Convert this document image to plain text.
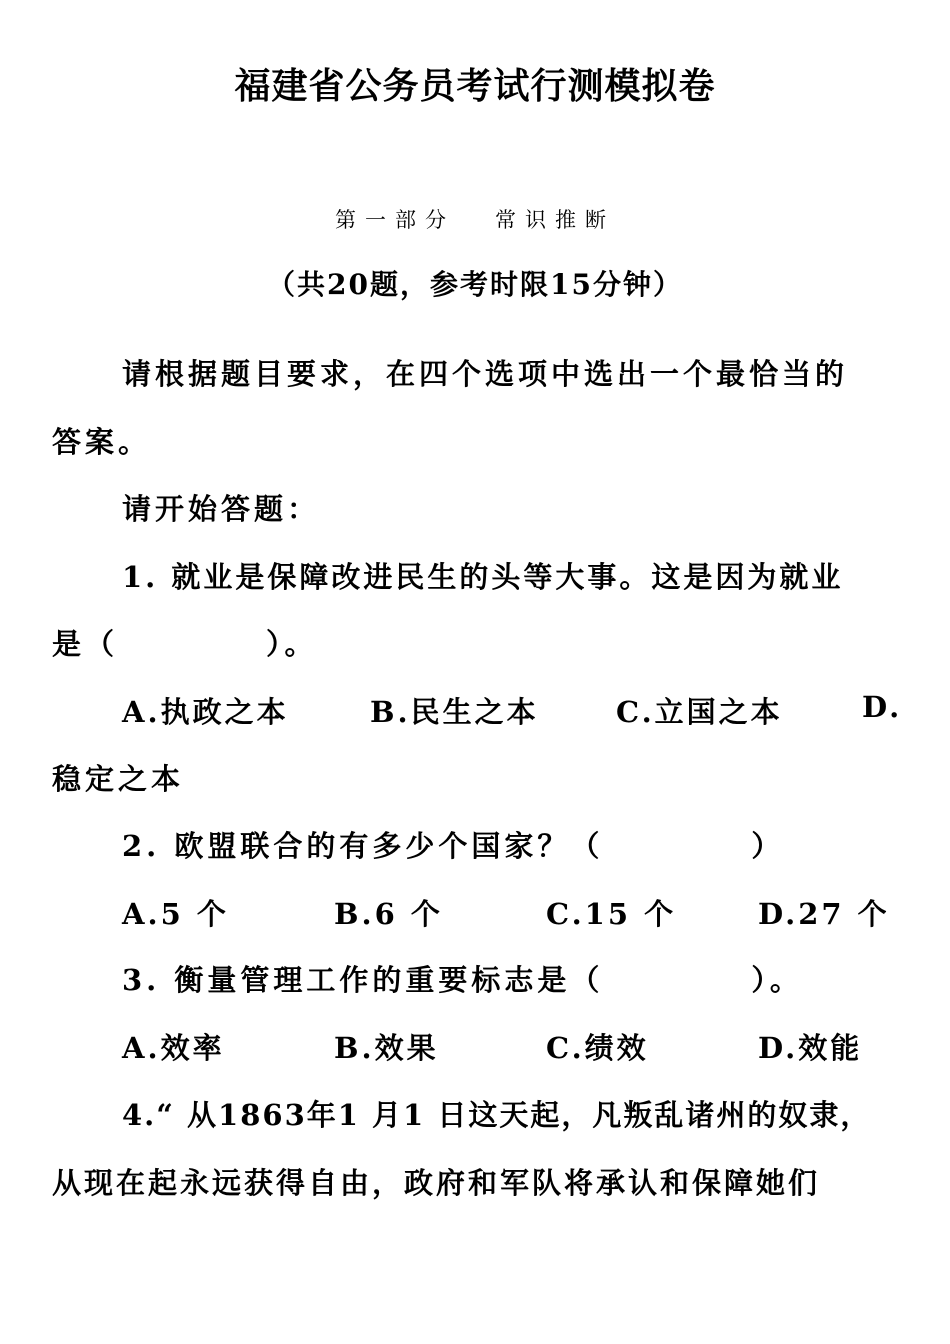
福建省公务员考试行测模拟卷
第一部分 常识推断
（共20题，参考时限15分钟）
请根据题目要求，在四个选项中选出一个最恰当的
答案。
请开始答题：
1. 就业是保障改进民生的头等大事。这是因为就业
是（	）。
A.执政之本	B.民生之本	C.立国之本	D.
稳定之本
2. 欧盟联合的有多少个国家？（	）
A.5 个	B.6 个	C.15 个	D.27 个
3. 衡量管理工作的重要标志是（	）。
A.效率	B.效果	C.绩效	D.效能
4.“ 从1863年1 月1 日这天起，凡叛乱诸州的奴隶，
从现在起永远获得自由，政府和军队将承认和保障她们
